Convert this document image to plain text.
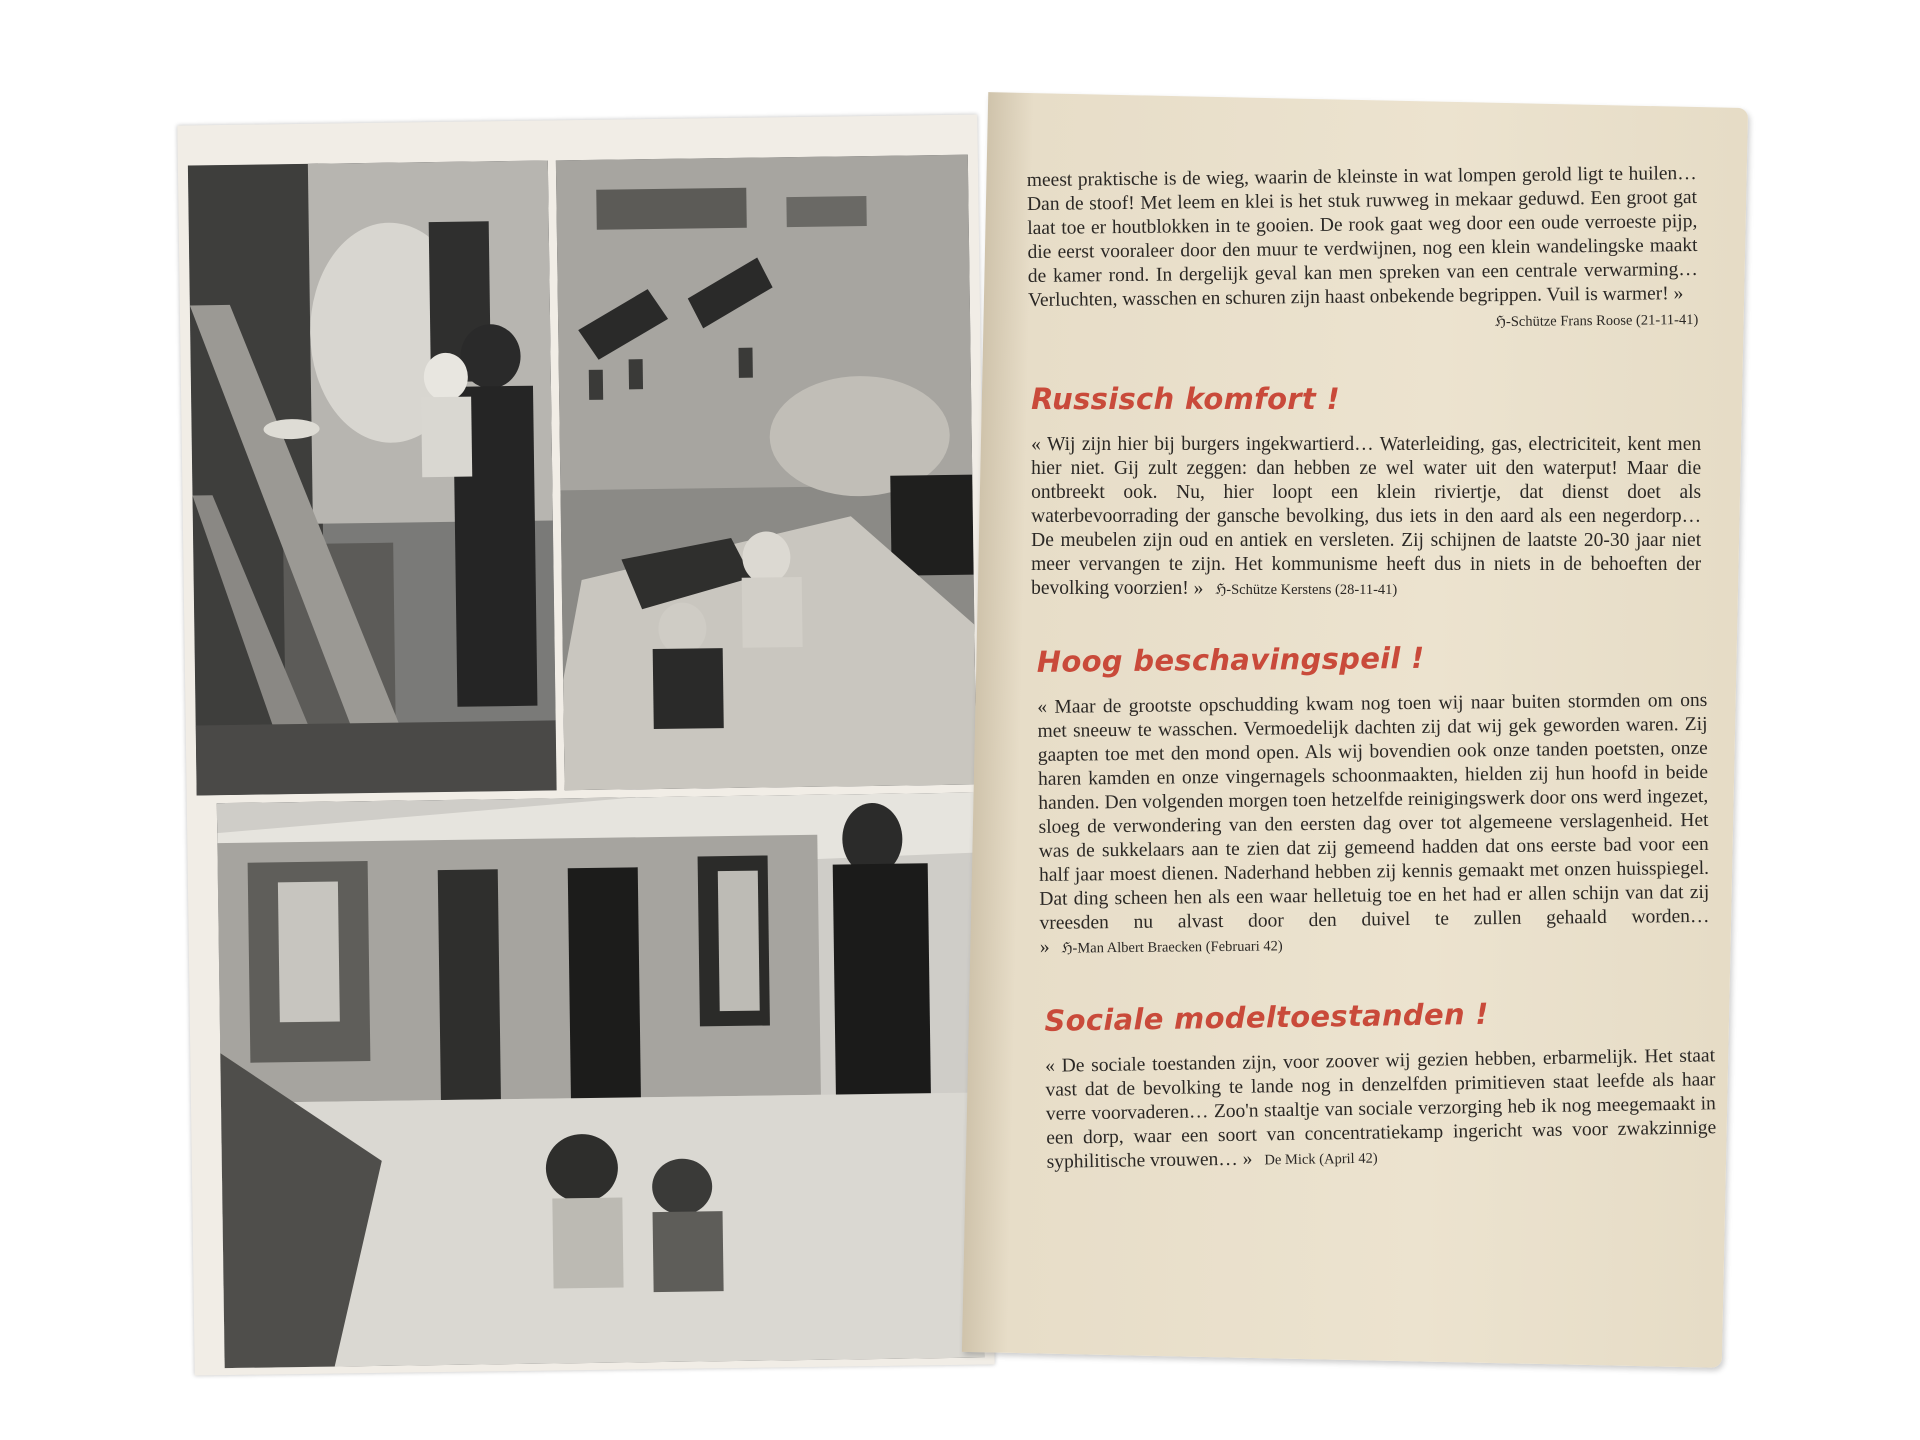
meest praktische is de wieg, waarin de kleinste in wat lompen gerold ligt te huilen… Dan de stoof! Met leem en klei is het stuk ruwweg in mekaar geduwd. Een groot gat laat toe er houtblokken in te gooien. De rook gaat weg door een oude verroeste pijp, die eerst vooraleer door den muur te verdwijnen, nog een klein wandelingske maakt de kamer rond. In dergelijk geval kan men spreken van een centrale verwarming… Verluchten, wasschen en schuren zijn haast onbekende begrippen. Vuil is warmer! »

ℌ-Schütze Frans Roose (21-11-41)

Russisch komfort !

« Wij zijn hier bij burgers ingekwartierd… Waterleiding, gas, electriciteit, kent men hier niet. Gij zult zeggen: dan hebben ze wel water uit den waterput! Maar die ontbreekt ook. Nu, hier loopt een klein riviertje, dat dienst doet als waterbevoorrading der gansche bevolking, dus iets in den aard als een negerdorp… De meubelen zijn oud en antiek en versleten. Zij schijnen de laatste 20-30 jaar niet meer vervangen te zijn. Het kommunisme heeft dus in niets in de behoeften der bevolking voorzien! » ℌ-Schütze Kerstens (28-11-41)

Hoog beschavingspeil !

« Maar de grootste opschudding kwam nog toen wij naar buiten stormden om ons met sneeuw te wasschen. Vermoedelijk dachten zij dat wij gek geworden waren. Zij gaapten toe met den mond open. Als wij bovendien ook onze tanden poetsten, onze haren kamden en onze vingernagels schoonmaakten, hielden zij hun hoofd in beide handen. Den volgenden morgen toen hetzelfde reinigingswerk door ons werd ingezet, sloeg de verwondering van den eersten dag over tot algemeene verslagenheid. Het was de sukkelaars aan te zien dat zij gemeend hadden dat ons eerste bad voor een half jaar moest dienen. Naderhand hebben zij kennis gemaakt met onzen huisspiegel. Dat ding scheen hen als een waar helletuig toe en het had er allen schijn van dat zij vreesden nu alvast door den duivel te zullen gehaald worden… » ℌ-Man Albert Braecken (Februari 42)

Sociale modeltoestanden !

« De sociale toestanden zijn, voor zoover wij gezien hebben, erbarmelijk. Het staat vast dat de bevolking te lande nog in denzelfden primitieven staat leefde als haar verre voorvaderen… Zoo'n staaltje van sociale verzorging heb ik nog meegemaakt in een dorp, waar een soort van concentratiekamp ingericht was voor zwakzinnige syphilitische vrouwen… » De Mick (April 42)
